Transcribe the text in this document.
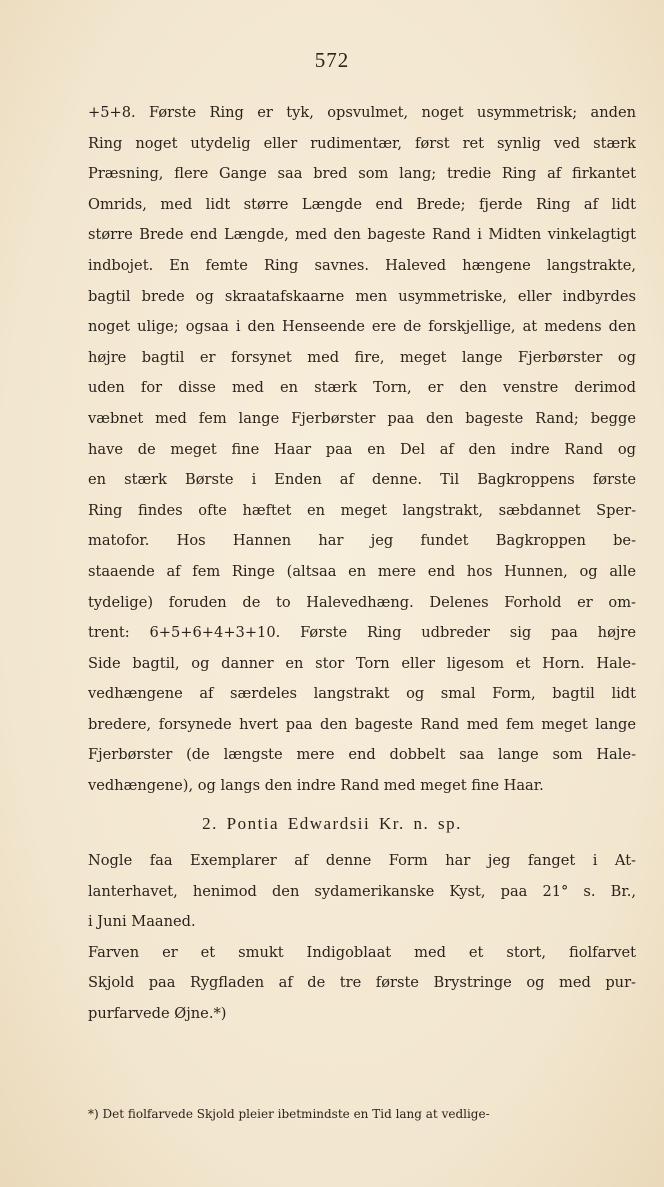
572
+5+8. Første Ring er tyk, opsvulmet, noget usymmetrisk; anden
Ring noget utydelig eller rudimentær, først ret synlig ved stærk
Præsning, flere Gange saa bred som lang; tredie Ring af firkantet
Omrids, med lidt større Længde end Brede; fjerde Ring af lidt
større Brede end Længde, med den bageste Rand i Midten vinkelagtigt
indbojet. En femte Ring savnes. Haleved hængene langstrakte,
bagtil brede og skraatafskaarne men usymmetriske, eller indbyrdes
noget ulige; ogsaa i den Henseende ere de forskjellige, at medens den
højre bagtil er forsynet med fire, meget lange Fjerbørster og
uden for disse med en stærk Torn, er den venstre derimod
væbnet med fem lange Fjerbørster paa den bageste Rand; begge
have de meget fine Haar paa en Del af den indre Rand og
en stærk Børste i Enden af denne. Til Bagkroppens første
Ring findes ofte hæftet en meget langstrakt, sæbdannet Sper-
matofor. Hos Hannen har jeg fundet Bagkroppen be-
staaende af fem Ringe (altsaa en mere end hos Hunnen, og alle
tydelige) foruden de to Halevedhæng. Delenes Forhold er om-
trent: 6+5+6+4+3+10. Første Ring udbreder sig paa højre
Side bagtil, og danner en stor Torn eller ligesom et Horn. Hale-
vedhængene af særdeles langstrakt og smal Form, bagtil lidt
bredere, forsynede hvert paa den bageste Rand med fem meget lange
Fjerbørster (de længste mere end dobbelt saa lange som Hale-
vedhængene), og langs den indre Rand med meget fine Haar.
2. Pontia Edwardsii Kr. n. sp.
Nogle faa Exemplarer af denne Form har jeg fanget i At-
lanterhavet, henimod den sydamerikanske Kyst, paa 21° s. Br.,
i Juni Maaned.
Farven er et smukt Indigoblaat med et stort, fiolfarvet
Skjold paa Rygfladen af de tre første Brystringe og med pur-
purfarvede Øjne.*)
*) Det fiolfarvede Skjold pleier ibetmindste en Tid lang at vedlige-
